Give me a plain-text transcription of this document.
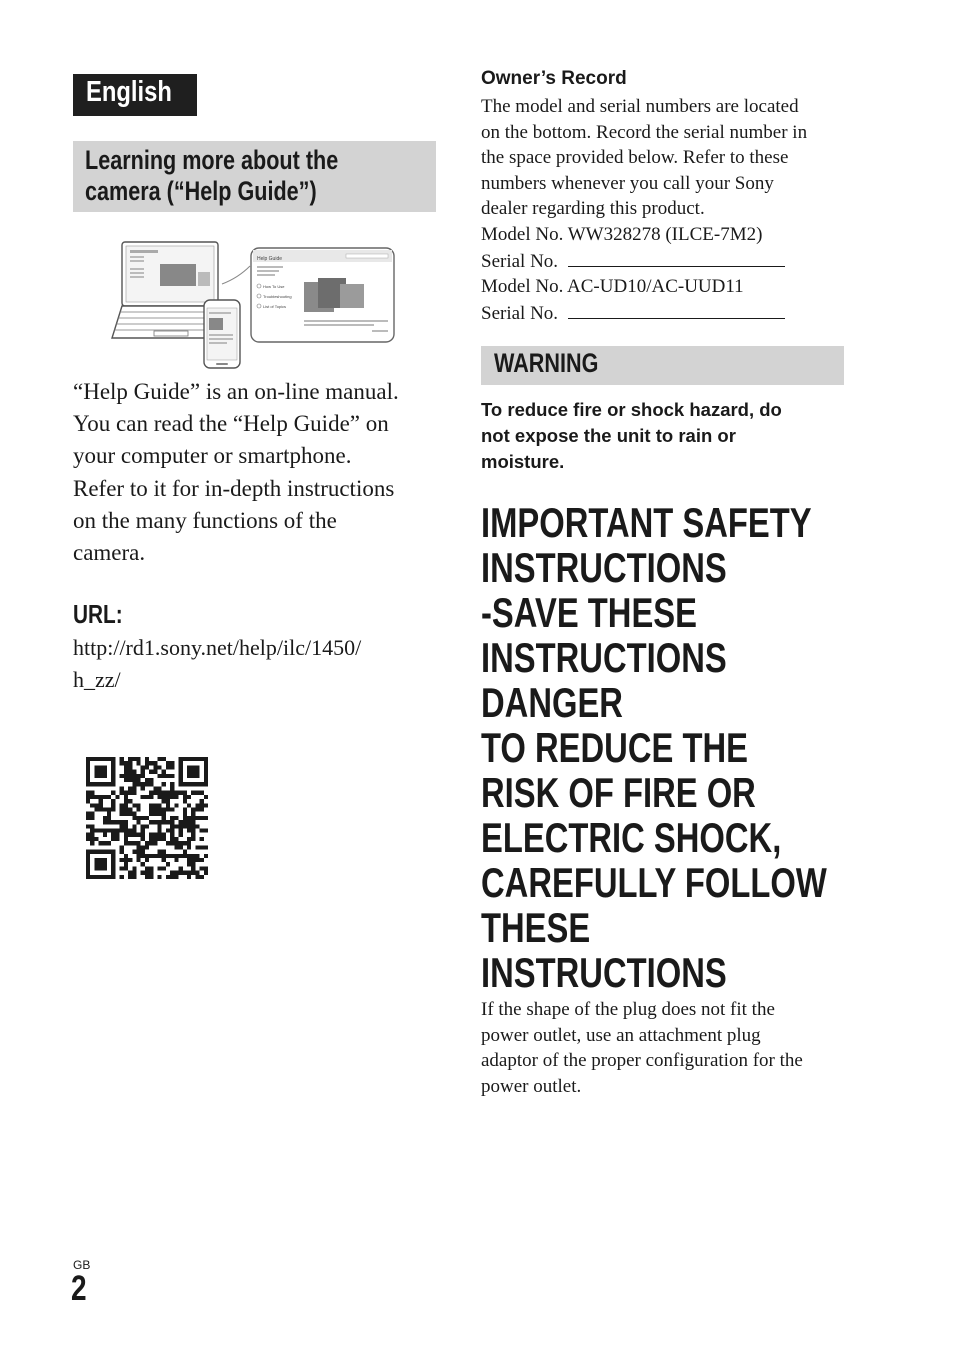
English
Learning more about the
camera (“Help Guide”)
Help Guide
How To Use
Troubleshooting
List of Topics
“Help Guide” is an on-line manual.
You can read the “Help Guide” on
your computer or smartphone.
Refer to it for in-depth instructions
on the many functions of the
camera.
URL:
http://rd1.sony.net/help/ilc/1450/
h_zz/
Owner’s Record
The model and serial numbers are located
on the bottom. Record the serial number in
the space provided below. Refer to these
numbers whenever you call your Sony
dealer regarding this product.
Model No. WW328278 (ILCE-7M2)
Serial No.
Model No. AC-UD10/AC-UUD11
Serial No.
WARNING
To reduce fire or shock hazard, do
not expose the unit to rain or
moisture.
IMPORTANT SAFETY
INSTRUCTIONS
-SAVE THESE
INSTRUCTIONS
DANGER
TO REDUCE THE
RISK OF FIRE OR
ELECTRIC SHOCK,
CAREFULLY FOLLOW
THESE
INSTRUCTIONS
If the shape of the plug does not fit the
power outlet, use an attachment plug
adaptor of the proper configuration for the
power outlet.
GB
2
